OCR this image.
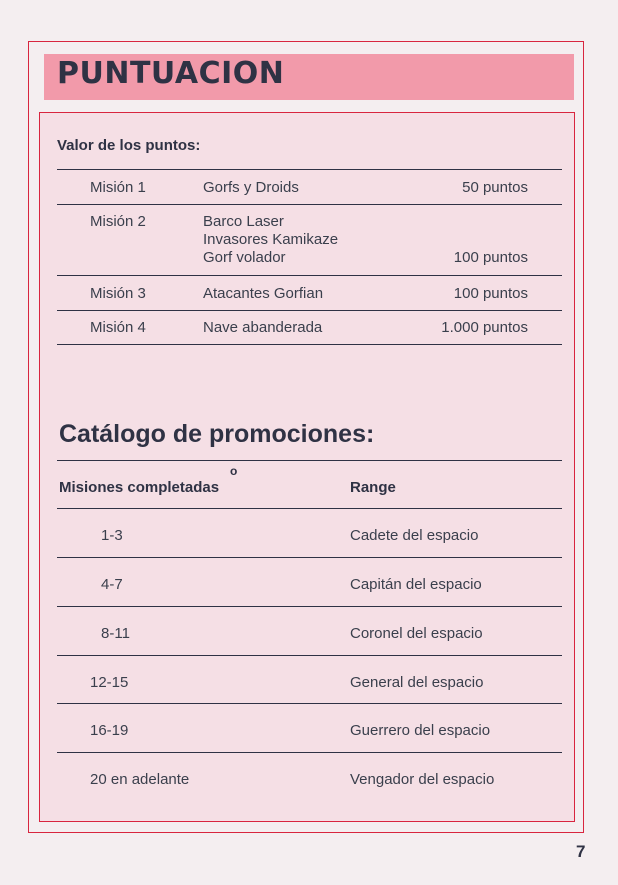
PUNTUACION
Valor de los puntos:
Misión 1	Gorfs y Droids	50 puntos
Misión 2	Barco Laser
Invasores Kamikaze
Gorf volador	100 puntos
Misión 3	Atacantes Gorfian	100 puntos
Misión 4	Nave abanderada	1.000 puntos
Catálogo de promociones:
o
Misiones completadas	Range
1-3	Cadete del espacio
4-7	Capitán del espacio
8-11	Coronel del espacio
12-15	General del espacio
16-19	Guerrero del espacio
20 en adelante	Vengador del espacio
7
